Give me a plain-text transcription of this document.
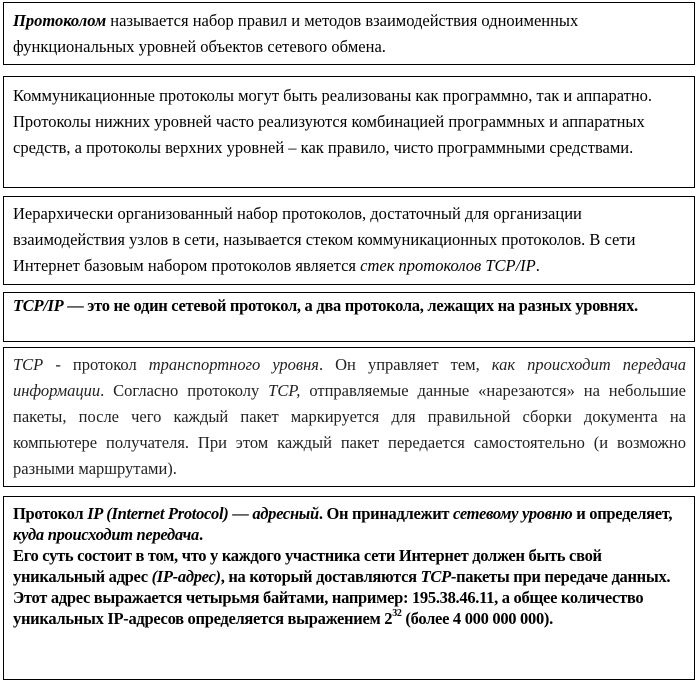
Протоколом называется набор правил и методов взаимодействия одноименных функциональных уровней объектов сетевого обмена.

Коммуникационные протоколы могут быть реализованы как программно, так и аппаратно. Протоколы нижних уровней часто реализуются комбинацией программных и аппаратных средств, а протоколы верхних уровней – как правило, чисто программными средствами.

Иерархически организованный набор протоколов, достаточный для организации взаимодействия узлов в сети, называется стеком коммуникационных протоколов. В сети Интернет базовым набором протоколов является стек протоколов TCP/IP.

TCP/IP — это не один сетевой протокол, а два протокола, лежащих на разных уровнях.

TCP - протокол транспортного уровня. Он управляет тем, как происходит передача информации. Согласно протоколу TCP, отправляемые данные «нарезаются» на небольшие пакеты, после чего каждый пакет маркируется для правильной сборки документа на компьютере получателя. При этом каждый пакет передается самостоятельно (и возможно разными маршрутами).

Протокол IP (Internet Protocol) — адресный. Он принадлежит сетевому уровню и определяет, куда происходит передача.

Его суть состоит в том, что у каждого участника сети Интернет должен быть свой уникальный адрес (IP-адрес), на который доставляются TCP-пакеты при передаче данных.

Этот адрес выражается четырьмя байтами, например: 195.38.46.11, а общее количество уникальных IP-адресов определяется выражением $2^{32}$ (более 4 000 000 000).
